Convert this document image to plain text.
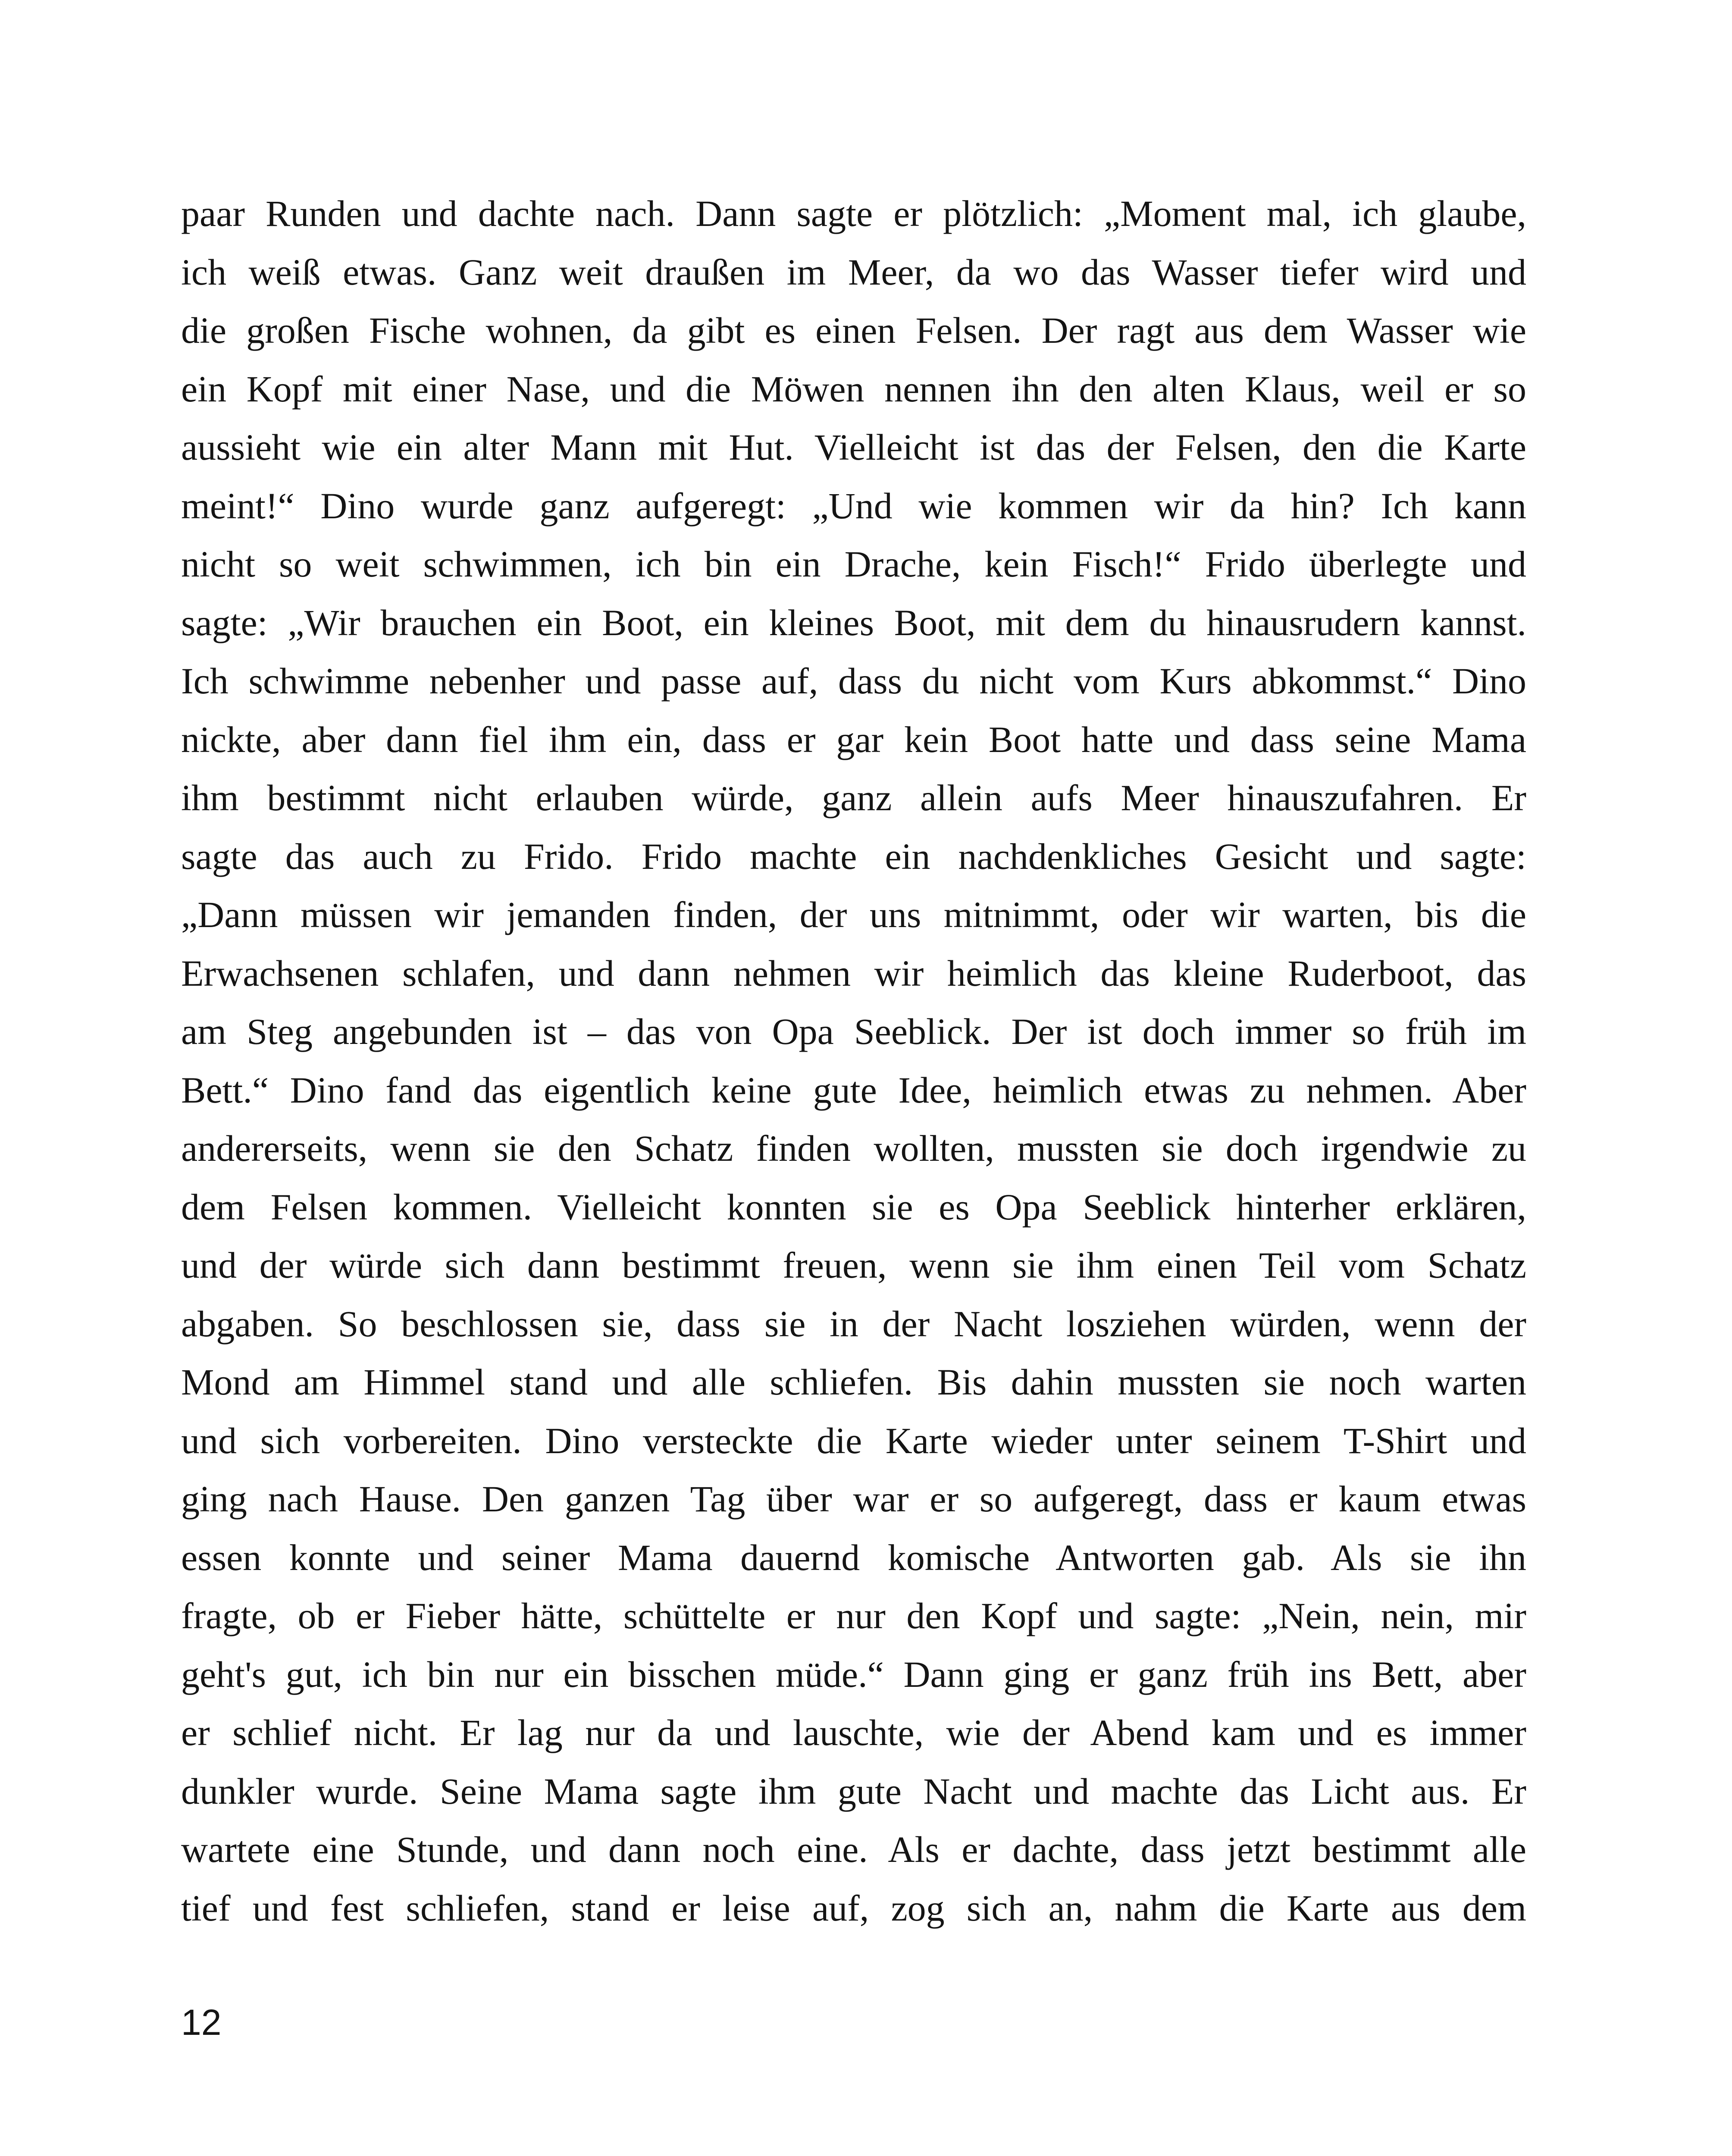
paar Runden und dachte nach. Dann sagte er plötzlich: „Moment mal, ich glaube,
ich weiß etwas. Ganz weit draußen im Meer, da wo das Wasser tiefer wird und
die großen Fische wohnen, da gibt es einen Felsen. Der ragt aus dem Wasser wie
ein Kopf mit einer Nase, und die Möwen nennen ihn den alten Klaus, weil er so
aussieht wie ein alter Mann mit Hut. Vielleicht ist das der Felsen, den die Karte
meint!“ Dino wurde ganz aufgeregt: „Und wie kommen wir da hin? Ich kann
nicht so weit schwimmen, ich bin ein Drache, kein Fisch!“ Frido überlegte und
sagte: „Wir brauchen ein Boot, ein kleines Boot, mit dem du hinausrudern kannst.
Ich schwimme nebenher und passe auf, dass du nicht vom Kurs abkommst.“ Dino
nickte, aber dann fiel ihm ein, dass er gar kein Boot hatte und dass seine Mama
ihm bestimmt nicht erlauben würde, ganz allein aufs Meer hinauszufahren. Er
sagte das auch zu Frido. Frido machte ein nachdenkliches Gesicht und sagte:
„Dann müssen wir jemanden finden, der uns mitnimmt, oder wir warten, bis die
Erwachsenen schlafen, und dann nehmen wir heimlich das kleine Ruderboot, das
am Steg angebunden ist – das von Opa Seeblick. Der ist doch immer so früh im
Bett.“ Dino fand das eigentlich keine gute Idee, heimlich etwas zu nehmen. Aber
andererseits, wenn sie den Schatz finden wollten, mussten sie doch irgendwie zu
dem Felsen kommen. Vielleicht konnten sie es Opa Seeblick hinterher erklären,
und der würde sich dann bestimmt freuen, wenn sie ihm einen Teil vom Schatz
abgaben. So beschlossen sie, dass sie in der Nacht losziehen würden, wenn der
Mond am Himmel stand und alle schliefen. Bis dahin mussten sie noch warten
und sich vorbereiten. Dino versteckte die Karte wieder unter seinem T-Shirt und
ging nach Hause. Den ganzen Tag über war er so aufgeregt, dass er kaum etwas
essen konnte und seiner Mama dauernd komische Antworten gab. Als sie ihn
fragte, ob er Fieber hätte, schüttelte er nur den Kopf und sagte: „Nein, nein, mir
geht's gut, ich bin nur ein bisschen müde.“ Dann ging er ganz früh ins Bett, aber
er schlief nicht. Er lag nur da und lauschte, wie der Abend kam und es immer
dunkler wurde. Seine Mama sagte ihm gute Nacht und machte das Licht aus. Er
wartete eine Stunde, und dann noch eine. Als er dachte, dass jetzt bestimmt alle
tief und fest schliefen, stand er leise auf, zog sich an, nahm die Karte aus dem
12
